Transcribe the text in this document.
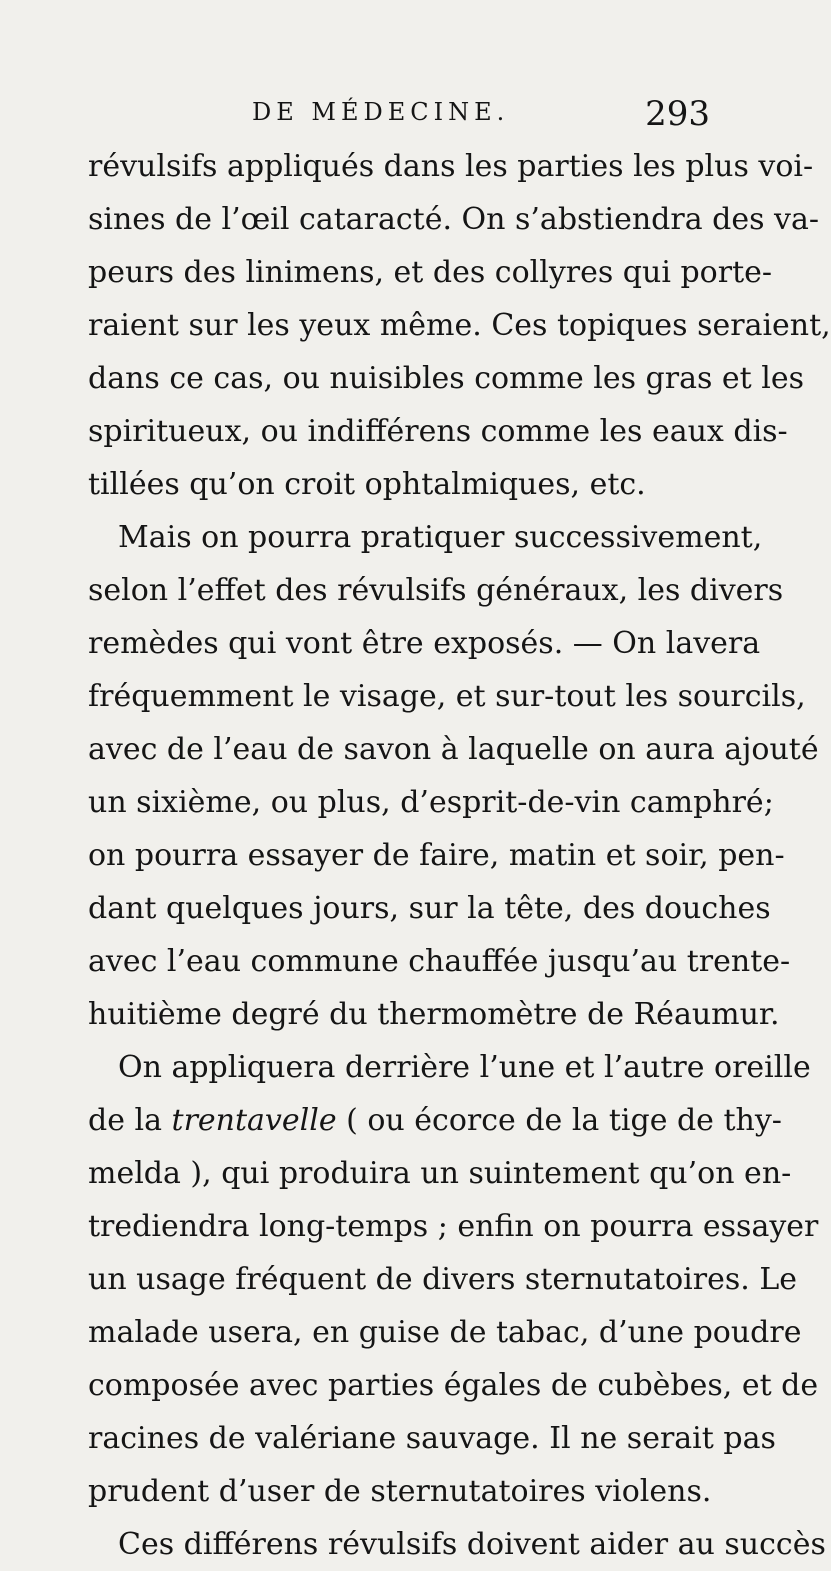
DE MÉDECINE.	293
révulsifs appliqués dans les parties les plus voi-
sines de l’œil cataracté. On s’abstiendra des va-
peurs des linimens, et des collyres qui porte-
raient sur les yeux même. Ces topiques seraient,
dans ce cas, ou nuisibles comme les gras et les
spiritueux, ou indifférens comme les eaux dis-
tillées qu’on croit ophtalmiques, etc.
Mais on pourra pratiquer successivement,
selon l’effet des révulsifs généraux, les divers
remèdes qui vont être exposés. — On lavera
fréquemment le visage, et sur-tout les sourcils,
avec de l’eau de savon à laquelle on aura ajouté
un sixième, ou plus, d’esprit-de-vin camphré;
on pourra essayer de faire, matin et soir, pen-
dant quelques jours, sur la tête, des douches
avec l’eau commune chauffée jusqu’au trente-
huitième degré du thermomètre de Réaumur.
On appliquera derrière l’une et l’autre oreille
de la trentavelle ( ou écorce de la tige de thy-
melda ), qui produira un suintement qu’on en-
trediendra long-temps ; enfin on pourra essayer
un usage fréquent de divers sternutatoires. Le
malade usera, en guise de tabac, d’une poudre
composée avec parties égales de cubèbes, et de
racines de valériane sauvage. Il ne serait pas
prudent d’user de sternutatoires violens.
Ces différens révulsifs doivent aider au succès
